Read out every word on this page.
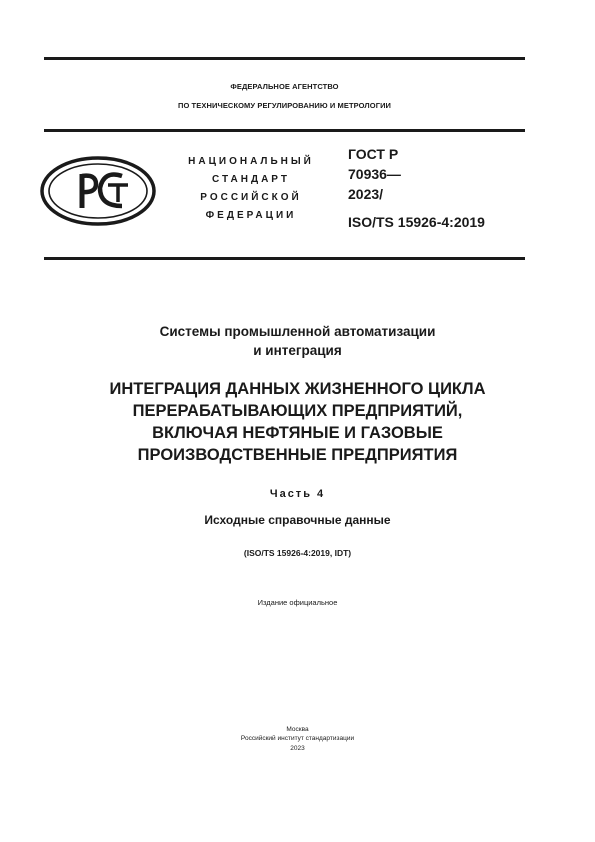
ФЕДЕРАЛЬНОЕ АГЕНТСТВО
ПО ТЕХНИЧЕСКОМУ РЕГУЛИРОВАНИЮ И МЕТРОЛОГИИ
НАЦИОНАЛЬНЫЙ
СТАНДАРТ
РОССИЙСКОЙ
ФЕДЕРАЦИИ
ГОСТ Р
70936—
2023/
ISO/TS 15926-4:2019
Системы промышленной автоматизации
и интеграция
ИНТЕГРАЦИЯ ДАННЫХ ЖИЗНЕННОГО ЦИКЛА
ПЕРЕРАБАТЫВАЮЩИХ ПРЕДПРИЯТИЙ,
ВКЛЮЧАЯ НЕФТЯНЫЕ И ГАЗОВЫЕ
ПРОИЗВОДСТВЕННЫЕ ПРЕДПРИЯТИЯ
Часть 4
Исходные справочные данные
(ISO/TS 15926-4:2019, IDT)
Издание официальное
Москва
Российский институт стандартизации
2023
